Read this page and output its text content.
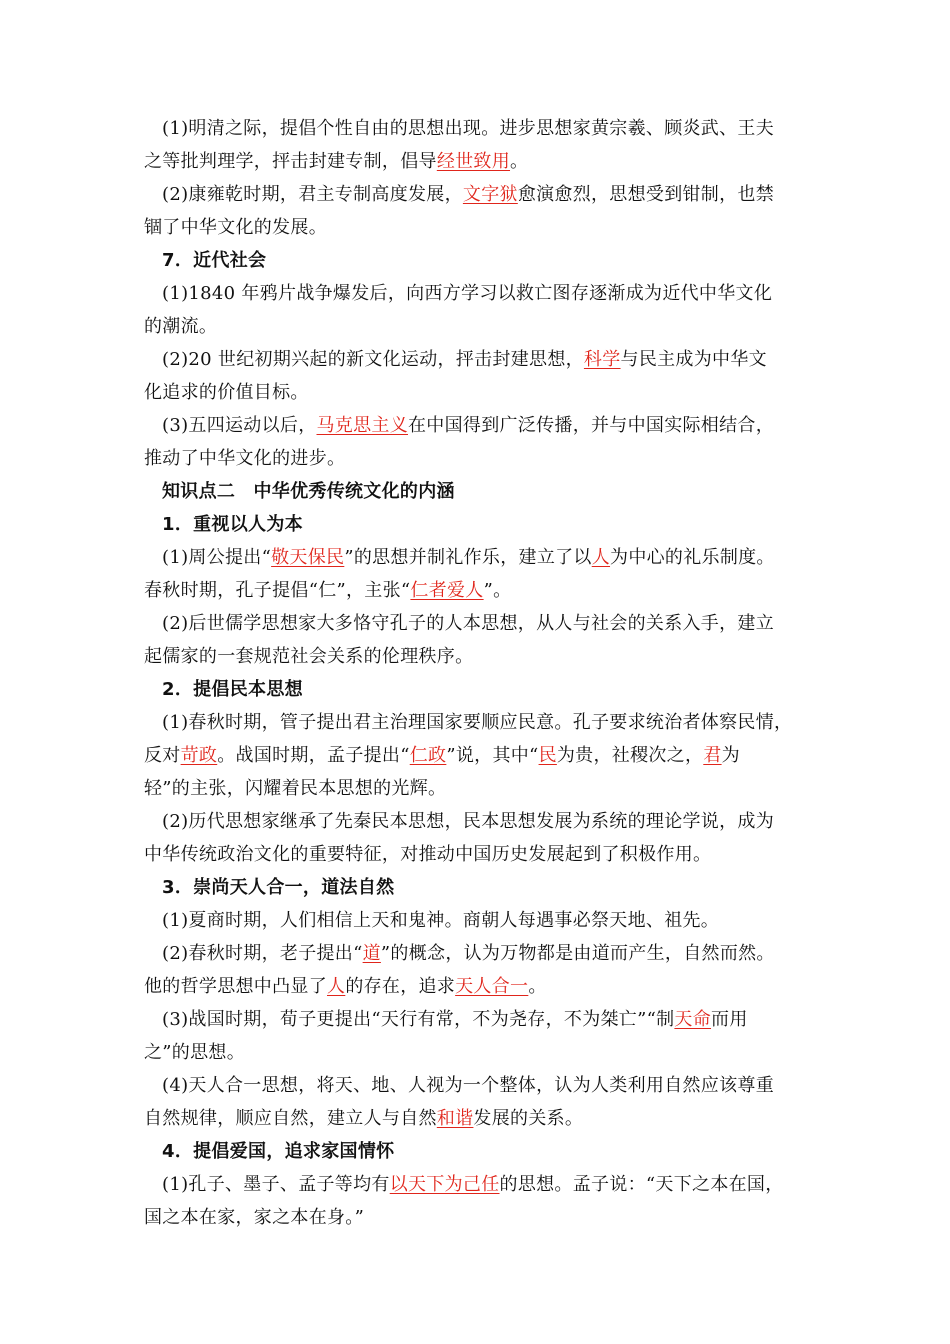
(1)明清之际，提倡个性自由的思想出现。进步思想家黄宗羲、顾炎武、王夫
之等批判理学，抨击封建专制，倡导经世致用。
(2)康雍乾时期，君主专制高度发展，文字狱愈演愈烈，思想受到钳制，也禁
锢了中华文化的发展。
7．近代社会
(1)1840 年鸦片战争爆发后，向西方学习以救亡图存逐渐成为近代中华文化
的潮流。
(2)20 世纪初期兴起的新文化运动，抨击封建思想，科学与民主成为中华文
化追求的价值目标。
(3)五四运动以后，马克思主义在中国得到广泛传播，并与中国实际相结合，
推动了中华文化的进步。
知识点二　中华优秀传统文化的内涵
1．重视以人为本
(1)周公提出“敬天保民”的思想并制礼作乐，建立了以人为中心的礼乐制度。
春秋时期，孔子提倡“仁”，主张“仁者爱人”。
(2)后世儒学思想家大多恪守孔子的人本思想，从人与社会的关系入手，建立
起儒家的一套规范社会关系的伦理秩序。
2．提倡民本思想
(1)春秋时期，管子提出君主治理国家要顺应民意。孔子要求统治者体察民情，
反对苛政。战国时期，孟子提出“仁政”说，其中“民为贵，社稷次之，君为
轻”的主张，闪耀着民本思想的光辉。
(2)历代思想家继承了先秦民本思想，民本思想发展为系统的理论学说，成为
中华传统政治文化的重要特征，对推动中国历史发展起到了积极作用。
3．崇尚天人合一，道法自然
(1)夏商时期，人们相信上天和鬼神。商朝人每遇事必祭天地、祖先。
(2)春秋时期，老子提出“道”的概念，认为万物都是由道而产生，自然而然。
他的哲学思想中凸显了人的存在，追求天人合一。
(3)战国时期，荀子更提出“天行有常，不为尧存，不为桀亡”“制天命而用
之”的思想。
(4)天人合一思想，将天、地、人视为一个整体，认为人类利用自然应该尊重
自然规律，顺应自然，建立人与自然和谐发展的关系。
4．提倡爱国，追求家国情怀
(1)孔子、墨子、孟子等均有以天下为己任的思想。孟子说：“天下之本在国，
国之本在家，家之本在身。”
